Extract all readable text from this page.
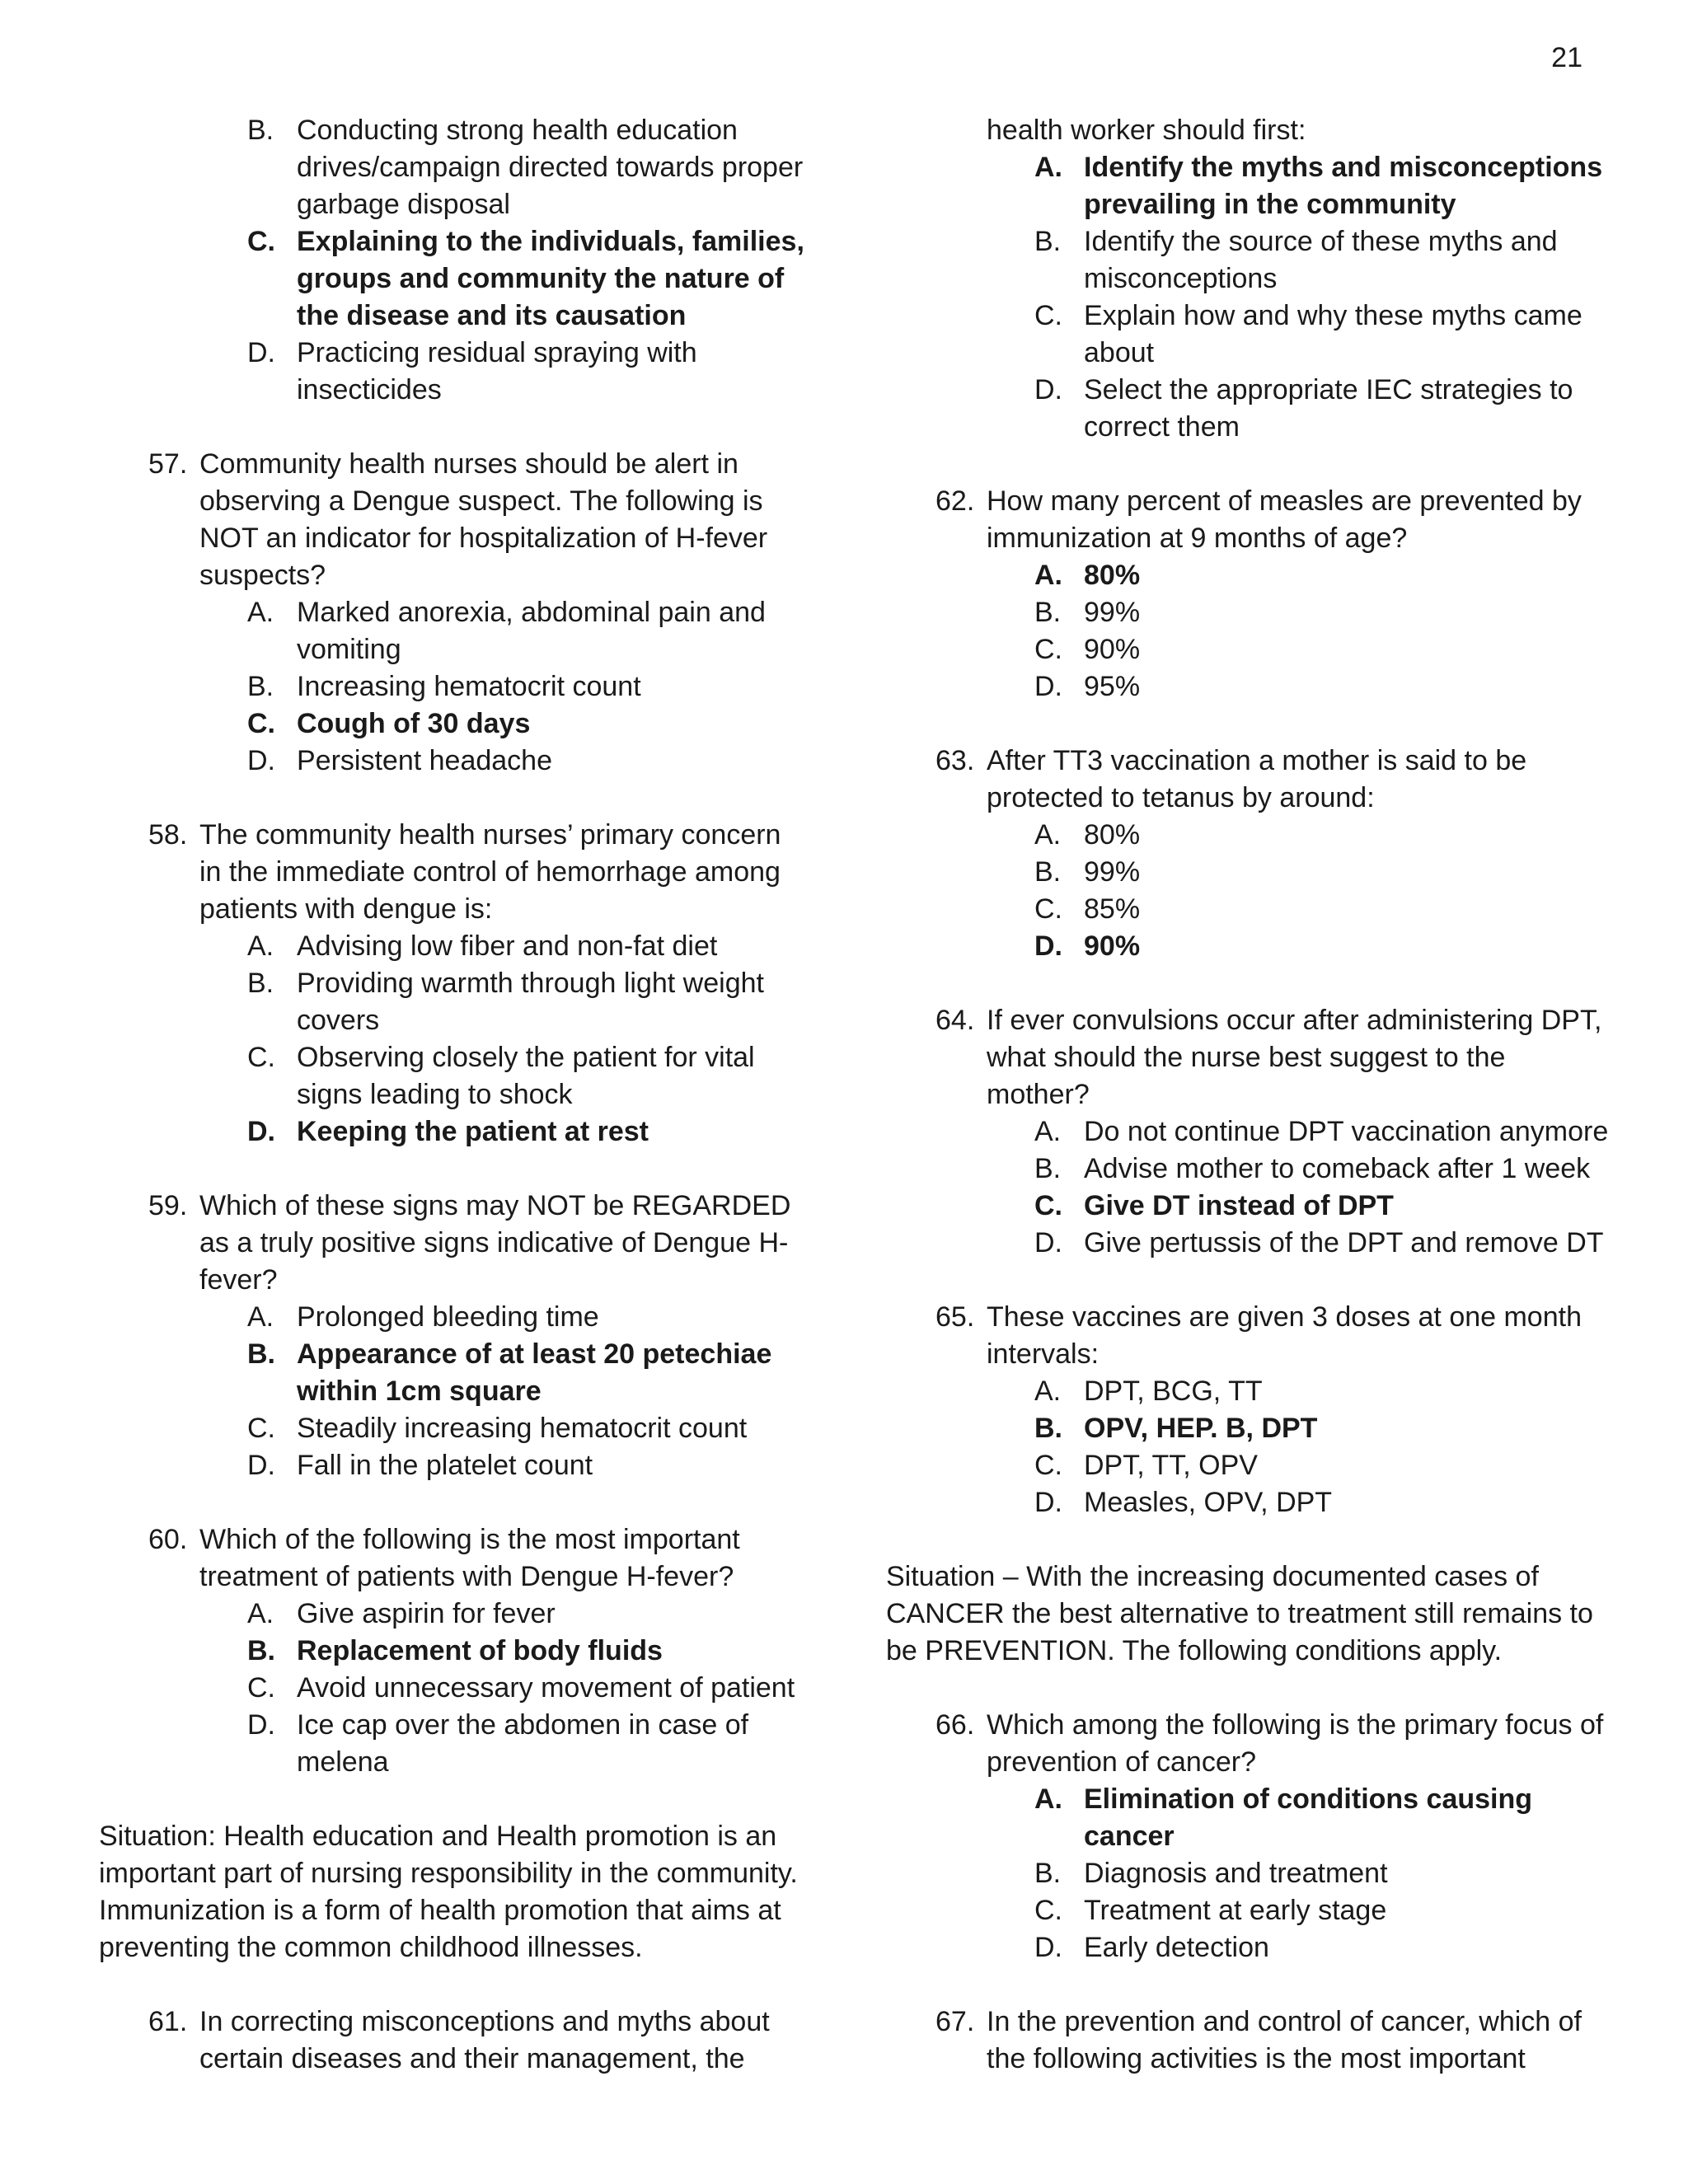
21
B. Conducting strong health education drives/campaign directed towards proper garbage disposal
C. Explaining to the individuals, families, groups and community the nature of the disease and its causation
D. Practicing residual spraying with insecticides
57. Community health nurses should be alert in observing a Dengue suspect. The following is NOT an indicator for hospitalization of H-fever suspects?
A. Marked anorexia, abdominal pain and vomiting
B. Increasing hematocrit count
C. Cough of 30 days
D. Persistent headache
58. The community health nurses’ primary concern in the immediate control of hemorrhage among patients with dengue is:
A. Advising low fiber and non-fat diet
B. Providing warmth through light weight covers
C. Observing closely the patient for vital signs leading to shock
D. Keeping the patient at rest
59. Which of these signs may NOT be REGARDED as a truly positive signs indicative of Dengue H-fever?
A. Prolonged bleeding time
B. Appearance of at least 20 petechiae within 1cm square
C. Steadily increasing hematocrit count
D. Fall in the platelet count
60. Which of the following is the most important treatment of patients with Dengue H-fever?
A. Give aspirin for fever
B. Replacement of body fluids
C. Avoid unnecessary movement of patient
D. Ice cap over the abdomen in case of melena

Situation: Health education and Health promotion is an important part of nursing responsibility in the community. Immunization is a form of health promotion that aims at preventing the common childhood illnesses.

61. In correcting misconceptions and myths about certain diseases and their management, the
health worker should first:
A. Identify the myths and misconceptions prevailing in the community
B. Identify the source of these myths and misconceptions
C. Explain how and why these myths came about
D. Select the appropriate IEC strategies to correct them
62. How many percent of measles are prevented by immunization at 9 months of age?
A. 80%
B. 99%
C. 90%
D. 95%
63. After TT3 vaccination a mother is said to be protected to tetanus by around:
A. 80%
B. 99%
C. 85%
D. 90%
64. If ever convulsions occur after administering DPT, what should the nurse best suggest to the mother?
A. Do not continue DPT vaccination anymore
B. Advise mother to comeback after 1 week
C. Give DT instead of DPT
D. Give pertussis of the DPT and remove DT
65. These vaccines are given 3 doses at one month intervals:
A. DPT, BCG, TT
B. OPV, HEP. B, DPT
C. DPT, TT, OPV
D. Measles, OPV, DPT

Situation – With the increasing documented cases of CANCER the best alternative to treatment still remains to be PREVENTION. The following conditions apply.

66. Which among the following is the primary focus of prevention of cancer?
A. Elimination of conditions causing cancer
B. Diagnosis and treatment
C. Treatment at early stage
D. Early detection
67. In the prevention and control of cancer, which of the following activities is the most important
